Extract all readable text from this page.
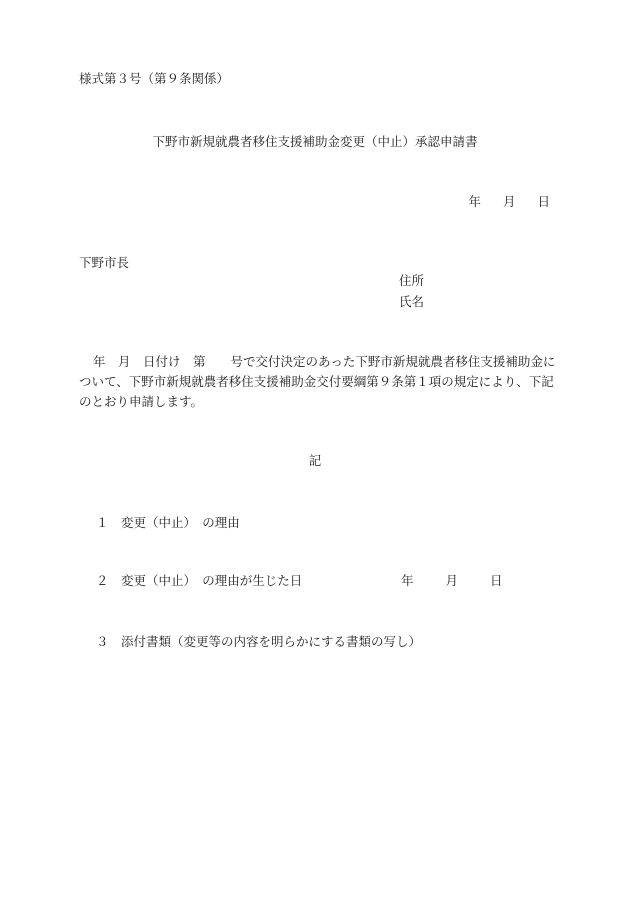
様式第３号（第９条関係）
下野市新規就農者移住支援補助金変更（中止）承認申請書
年 月 日
下野市長
住所
氏名
年　月　日付け　第　　号で交付決定のあった下野市新規就農者移住支援補助金について、下野市新規就農者移住支援補助金交付要綱第９条第１項の規定により、下記のとおり申請します。
記
１　変更（中止）　の理由
２　変更（中止）　の理由が生じた日	年	月	日
３　添付書類（変更等の内容を明らかにする書類の写し）
